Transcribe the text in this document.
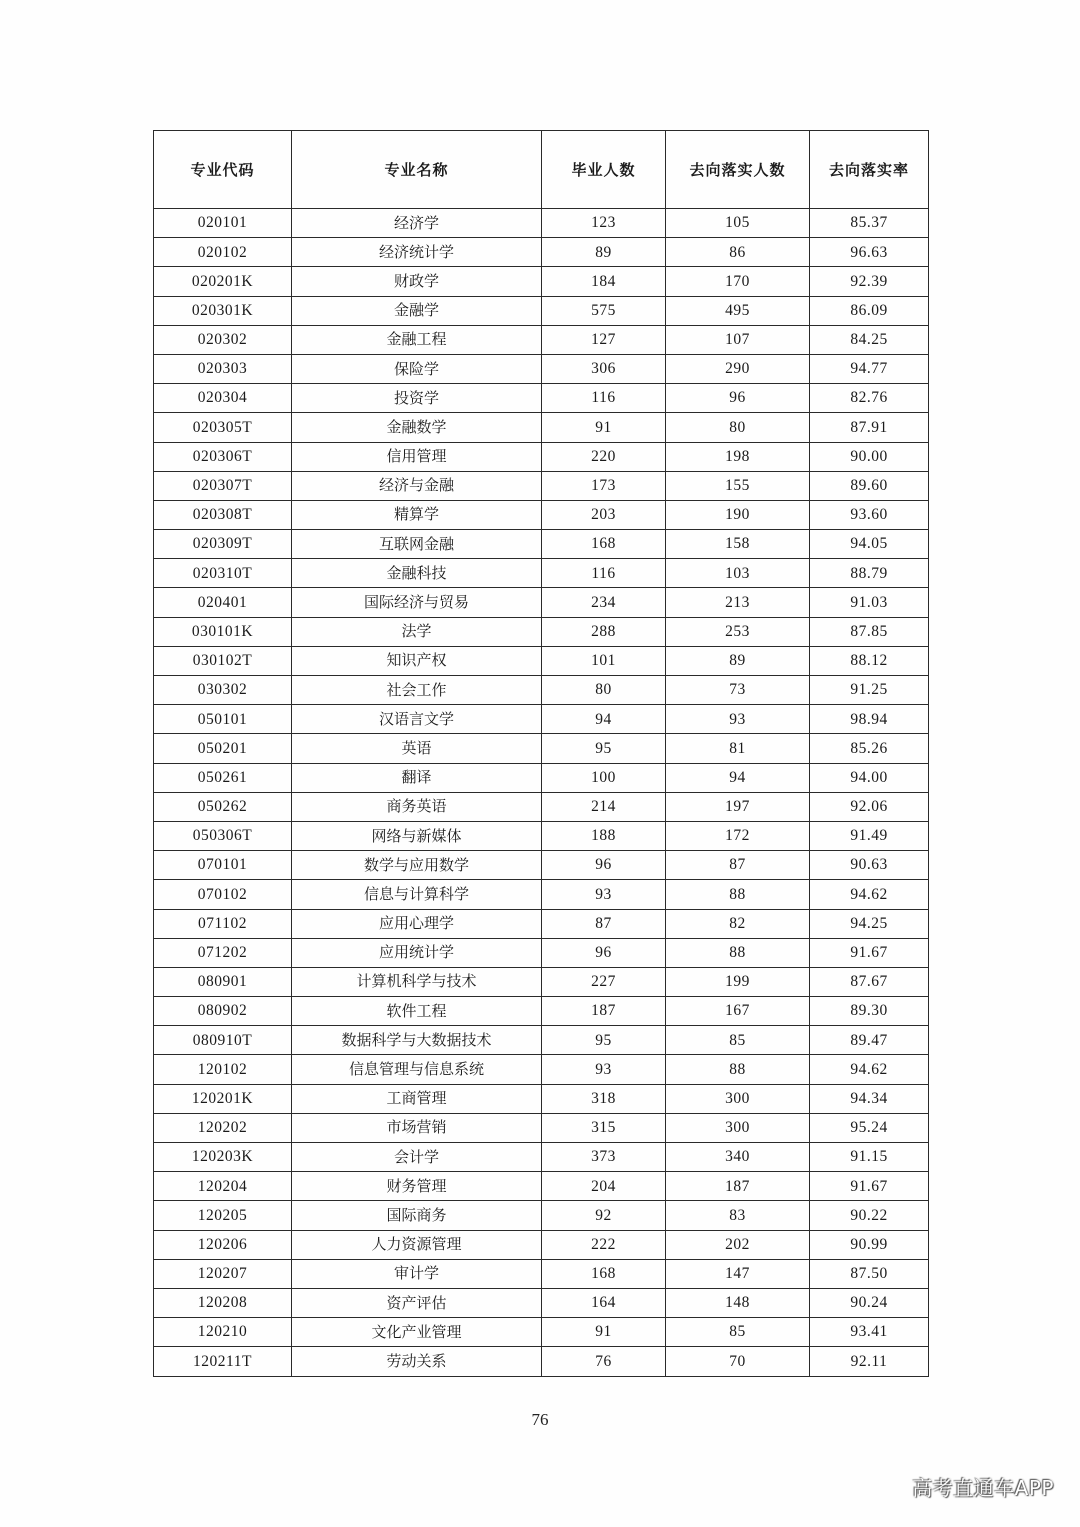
专业代码	专业名称	毕业人数	去向落实人数	去向落实率
020101	经济学	123	105	85.37
020102	经济统计学	89	86	96.63
020201K	财政学	184	170	92.39
020301K	金融学	575	495	86.09
020302	金融工程	127	107	84.25
020303	保险学	306	290	94.77
020304	投资学	116	96	82.76
020305T	金融数学	91	80	87.91
020306T	信用管理	220	198	90.00
020307T	经济与金融	173	155	89.60
020308T	精算学	203	190	93.60
020309T	互联网金融	168	158	94.05
020310T	金融科技	116	103	88.79
020401	国际经济与贸易	234	213	91.03
030101K	法学	288	253	87.85
030102T	知识产权	101	89	88.12
030302	社会工作	80	73	91.25
050101	汉语言文学	94	93	98.94
050201	英语	95	81	85.26
050261	翻译	100	94	94.00
050262	商务英语	214	197	92.06
050306T	网络与新媒体	188	172	91.49
070101	数学与应用数学	96	87	90.63
070102	信息与计算科学	93	88	94.62
071102	应用心理学	87	82	94.25
071202	应用统计学	96	88	91.67
080901	计算机科学与技术	227	199	87.67
080902	软件工程	187	167	89.30
080910T	数据科学与大数据技术	95	85	89.47
120102	信息管理与信息系统	93	88	94.62
120201K	工商管理	318	300	94.34
120202	市场营销	315	300	95.24
120203K	会计学	373	340	91.15
120204	财务管理	204	187	91.67
120205	国际商务	92	83	90.22
120206	人力资源管理	222	202	90.99
120207	审计学	168	147	87.50
120208	资产评估	164	148	90.24
120210	文化产业管理	91	85	93.41
120211T	劳动关系	76	70	92.11
76
高考直通车APP
